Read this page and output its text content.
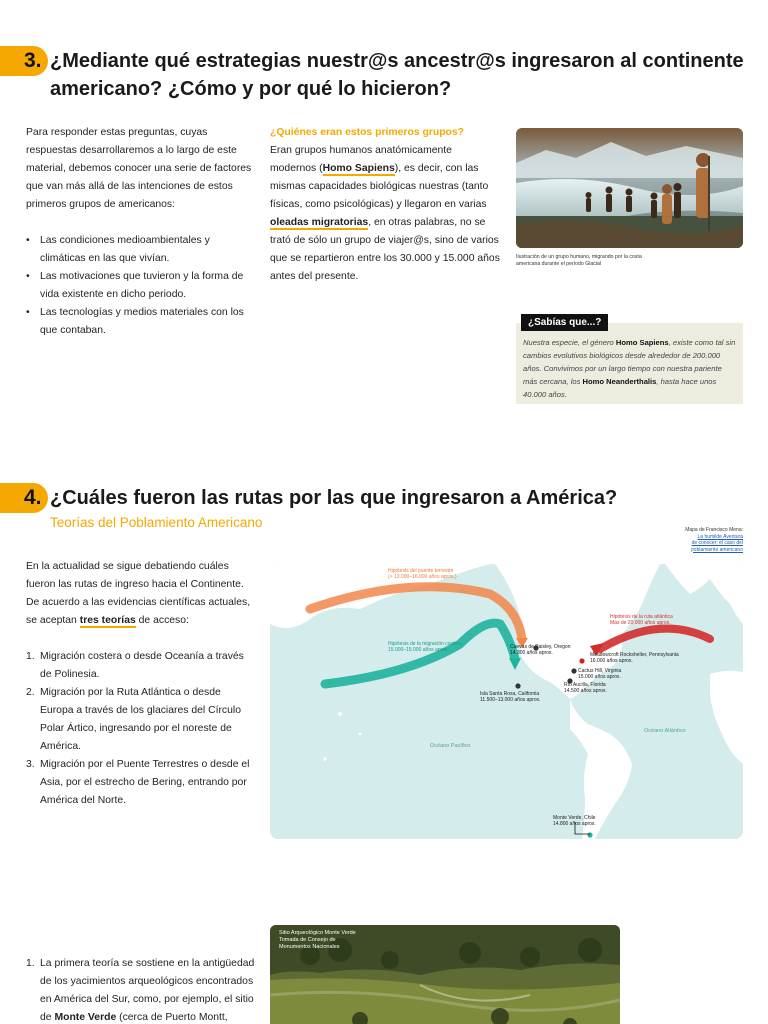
3. ¿Mediante qué estrategias nuestr@s ancestr@s ingresaron al continente
americano? ¿Cómo y por qué lo hicieron?

Para responder estas preguntas, cuyas respuestas desarrollaremos a lo largo de este material, debemos conocer una serie de factores que van más allá de las intenciones de estos primeros grupos de americanos:

• Las condiciones medioambientales y climáticas en las que vivían.
• Las motivaciones que tuvieron y la forma de vida existente en dicho periodo.
• Las tecnologías y medios materiales con los que contaban.

¿Quiénes eran estos primeros grupos?

Eran grupos humanos anatómicamente modernos (Homo Sapiens), es decir, con las mismas capacidades biológicas nuestras (tanto físicas, como psicológicas) y llegaron en varias oleadas migratorias, en otras palabras, no se trató de sólo un grupo de viajer@s, sino de varios que se repartieron entre los 30.000 y 15.000 años antes del presente.

Ilustración de un grupo humano, migrando por la costa americana durante el período Glacial
¿Sabías que...?
Nuestra especie, el género Homo Sapiens, existe como tal sin cambios evolutivos biológicos desde alrededor de 200.000 años. Convivimos por un largo tiempo con nuestra pariente más cercana, los Homo Neanderthalis, hasta hace unos 40.000 años.
4. ¿Cuáles fueron las rutas por las que ingresaron a América?
Teorías del Poblamiento Americano	Mapa de Francisco Mena:
La humilde Aventura
de conocer: el caso del
poblamiento americano

En la actualidad se sigue debatiendo cuáles fueron las rutas de ingreso hacia el Continente. De acuerdo a las evidencias científicas actuales, se aceptan tres teorías de acceso:

1. Migración costera o desde Oceanía a través de Polinesia.
2. Migración por la Ruta Atlántica o desde Europa a través de los glaciares del Círculo Polar Ártico, ingresando por el noreste de América.
3. Migración por el Puente Terrestres o desde el Asia, por el estrecho de Bering, entrando por América del Norte.
Hipótesis del puente terrestre
(> 13.000–16.000 años aprox.)
Hipótesis de la migración costera
15.000–15.000 años aprox.
Hipótesis de la ruta atlántica
Más de 20.000 años aprox.
Cuevas de Paisley, Oregon
14.300 años aprox.	Meadowcroft Rockshelter, Pennsylvania
16.000 años aprox.
Cactus Hill, Virginia
15.000 años aprox.
Río Aucilla, Florida
14.500 años aprox.
Isla Santa Rosa, California
11.500–13.000 años aprox.
Monte Verde, Chile
14.800 años aprox.
Océano Pacífico
Océano Atlántico
Sitio Arqueológico Monte Verde
Tomada de Consejo de
Monumentos Nacionales
1. La primera teoría se sostiene en la antigüedad de los yacimientos arqueológicos encontrados en América del Sur, como, por ejemplo, el sitio de Monte Verde (cerca de Puerto Montt,
